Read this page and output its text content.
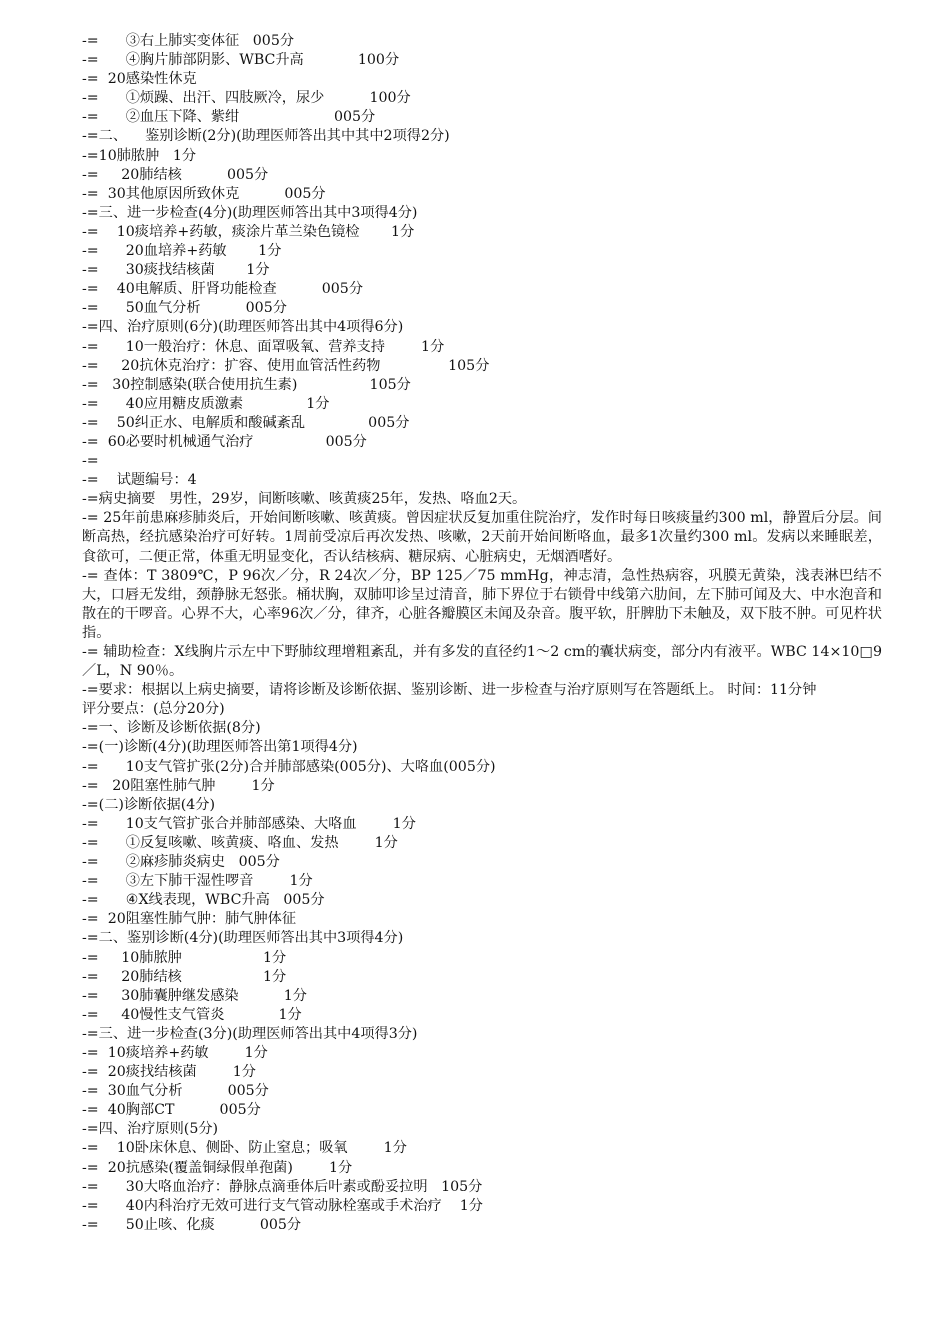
-=      ③右上肺实变体征   005分
-=      ④胸片肺部阴影、WBC升高            100分
-=  20感染性休克
-=      ①烦躁、出汗、四肢厥冷，尿少          100分
-=      ②血压下降、紫绀                     005分
-=二、    鉴别诊断(2分)(助理医师答出其中其中2项得2分)
-=10肺脓肿   1分
-=     20肺结核          005分
-=  30其他原因所致休克          005分
-=三、进一步检查(4分)(助理医师答出其中3项得4分)
-=    10痰培养+药敏，痰涂片革兰染色镜检       1分
-=      20血培养+药敏       1分
-=      30痰找结核菌       1分
-=    40电解质、肝肾功能检查          005分
-=      50血气分析          005分
-=四、治疗原则(6分)(助理医师答出其中4项得6分)
-=      10一般治疗：休息、面罩吸氧、营养支持        1分
-=     20抗休克治疗：扩容、使用血管活性药物               105分
-=   30控制感染(联合使用抗生素)                105分
-=      40应用糖皮质激素              1分
-=    50纠正水、电解质和酸碱紊乱              005分
-=  60必要时机械通气治疗                005分
-=
-=    试题编号：4
-=病史摘要   男性，29岁，间断咳嗽、咳黄痰25年，发热、咯血2天。
-= 25年前患麻疹肺炎后，开始间断咳嗽、咳黄痰。曾因症状反复加重住院治疗，发作时每日咳痰量约300 ml，静置后分层。间断高热，经抗感染治疗可好转。1周前受凉后再次发热、咳嗽，2天前开始间断咯血，最多1次量约300 ml。发病以来睡眠差，食欲可，二便正常，体重无明显变化，否认结核病、糖尿病、心脏病史，无烟酒嗜好。
-= 查体：T 3809℃，P 96次／分，R 24次／分，BP 125／75 mmHg，神志清，急性热病容，巩膜无黄染，浅表淋巴结不大，口唇无发绀，颈静脉无怒张。桶状胸，双肺叩诊呈过清音，肺下界位于右锁骨中线第六肋间，左下肺可闻及大、中水泡音和散在的干啰音。心界不大，心率96次／分，律齐，心脏各瓣膜区未闻及杂音。腹平软，肝脾肋下未触及，双下肢不肿。可见杵状指。
-= 辅助检查：X线胸片示左中下野肺纹理增粗紊乱，并有多发的直径约1～2 cm的囊状病变，部分内有液平。WBC 14×10□9／L，N 90％。
-=要求：根据以上病史摘要，请将诊断及诊断依据、鉴别诊断、进一步检查与治疗原则写在答题纸上。 时间：11分钟
评分要点：(总分20分)
-=一、诊断及诊断依据(8分)
-=(一)诊断(4分)(助理医师答出第1项得4分)
-=      10支气管扩张(2分)合并肺部感染(005分)、大咯血(005分)
-=   20阻塞性肺气肿        1分
-=(二)诊断依据(4分)
-=      10支气管扩张合并肺部感染、大咯血        1分
-=      ①反复咳嗽、咳黄痰、咯血、发热        1分
-=      ②麻疹肺炎病史   005分
-=      ③左下肺干湿性啰音        1分
-=      ④X线表现，WBC升高   005分
-=  20阻塞性肺气肿：肺气肿体征
-=二、鉴别诊断(4分)(助理医师答出其中3项得4分)
-=     10肺脓肿                  1分
-=     20肺结核                  1分
-=     30肺囊肿继发感染          1分
-=     40慢性支气管炎            1分
-=三、进一步检查(3分)(助理医师答出其中4项得3分)
-=  10痰培养+药敏        1分
-=  20痰找结核菌        1分
-=  30血气分析          005分
-=  40胸部CT          005分
-=四、治疗原则(5分)
-=    10卧床休息、侧卧、防止窒息；吸氧        1分
-=  20抗感染(覆盖铜绿假单孢菌)        1分
-=      30大咯血治疗：静脉点滴垂体后叶素或酚妥拉明   105分
-=      40内科治疗无效可进行支气管动脉栓塞或手术治疗    1分
-=      50止咳、化痰          005分
